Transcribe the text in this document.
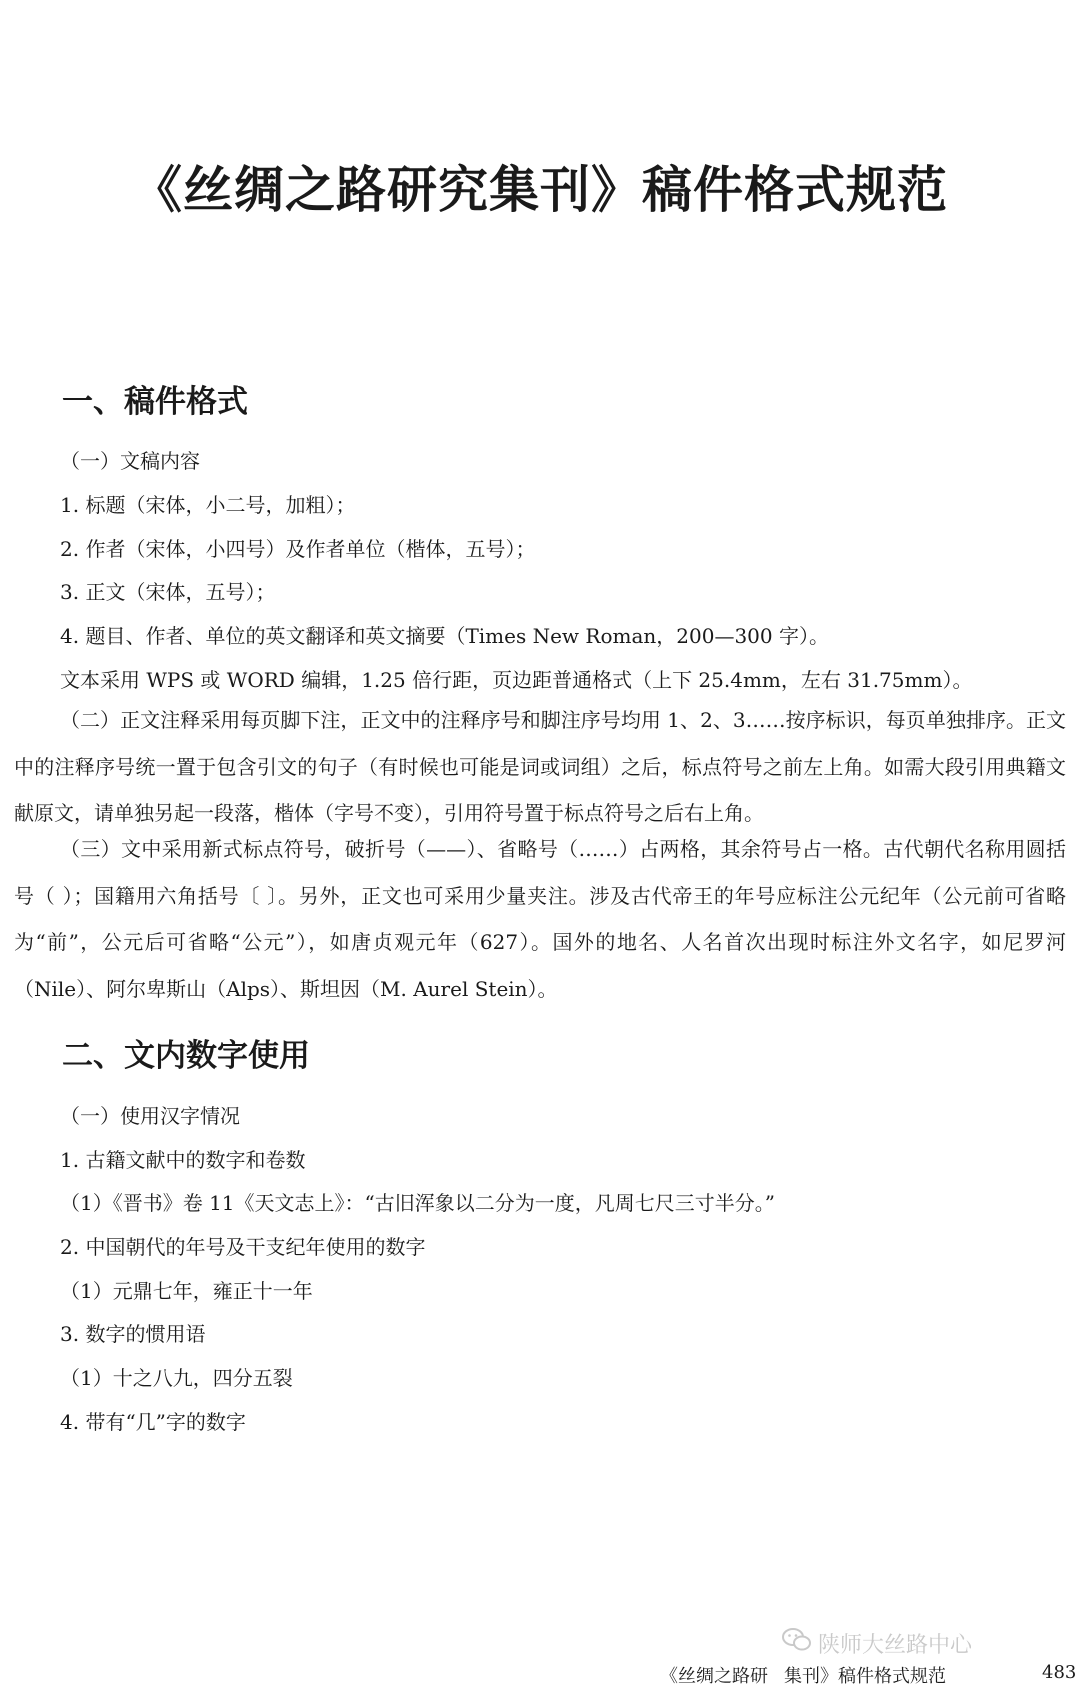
《丝绸之路研究集刊》稿件格式规范
一、稿件格式
（一）文稿内容
1. 标题（宋体，小二号，加粗）；
2. 作者（宋体，小四号）及作者单位（楷体，五号）；
3. 正文（宋体，五号）；
4. 题目、作者、单位的英文翻译和英文摘要（Times New Roman，200—300 字）。
文本采用 WPS 或 WORD 编辑，1.25 倍行距，页边距普通格式（上下 25.4mm，左右 31.75mm）。
（二）正文注释采用每页脚下注，正文中的注释序号和脚注序号均用 1、2、3……按序标识，每页单独排序。正文中的注释序号统一置于包含引文的句子（有时候也可能是词或词组）之后，标点符号之前左上角。如需大段引用典籍文献原文，请单独另起一段落，楷体（字号不变），引用符号置于标点符号之后右上角。
（三）文中采用新式标点符号，破折号（——）、省略号（……）占两格，其余符号占一格。古代朝代名称用圆括号（ ）；国籍用六角括号〔 〕。另外，正文也可采用少量夹注。涉及古代帝王的年号应标注公元纪年（公元前可省略为“前”，公元后可省略“公元”），如唐贞观元年（627）。国外的地名、人名首次出现时标注外文名字，如尼罗河（Nile）、阿尔卑斯山（Alps）、斯坦因（M. Aurel Stein）。
二、文内数字使用
（一）使用汉字情况
1. 古籍文献中的数字和卷数
（1）《晋书》卷 11《天文志上》：“古旧浑象以二分为一度，凡周七尺三寸半分。”
2. 中国朝代的年号及干支纪年使用的数字
（1）元鼎七年，雍正十一年
3. 数字的惯用语
（1）十之八九，四分五裂
4. 带有“几”字的数字
陕师大丝路中心
《丝绸之路研 集刊》稿件格式规范	483
